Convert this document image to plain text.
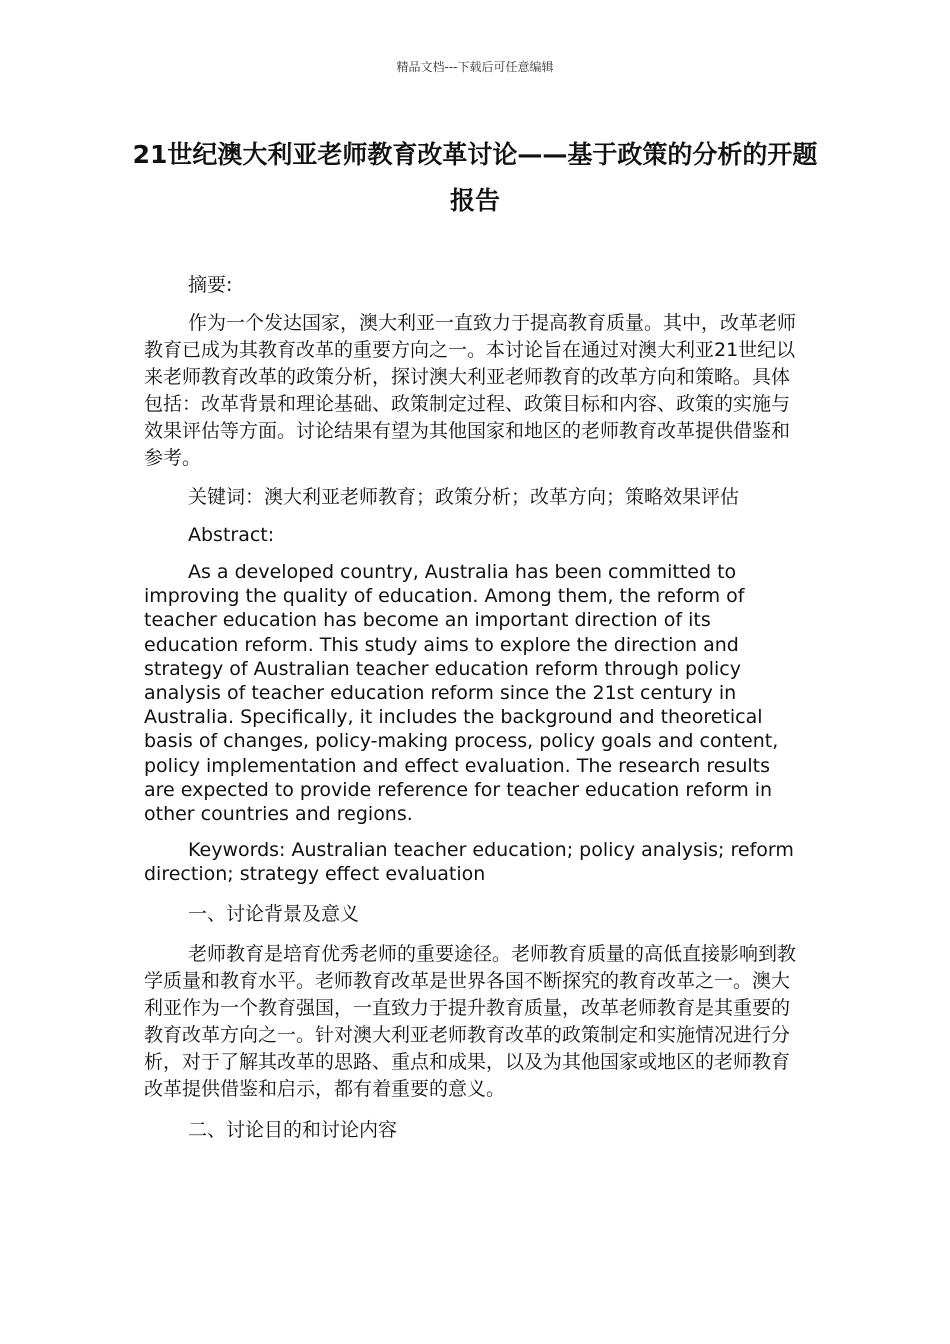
精品文档---下载后可任意编辑
21世纪澳大利亚老师教育改革讨论——基于政策的分析的开题报告

摘要:

作为一个发达国家，澳大利亚一直致力于提高教育质量。其中，改革老师教育已成为其教育改革的重要方向之一。本讨论旨在通过对澳大利亚21世纪以来老师教育改革的政策分析，探讨澳大利亚老师教育的改革方向和策略。具体包括：改革背景和理论基础、政策制定过程、政策目标和内容、政策的实施与效果评估等方面。讨论结果有望为其他国家和地区的老师教育改革提供借鉴和参考。

关键词：澳大利亚老师教育；政策分析；改革方向；策略效果评估

Abstract:

As a developed country, Australia has been committed to improving the quality of education. Among them, the reform of teacher education has become an important direction of its education reform. This study aims to explore the direction and strategy of Australian teacher education reform through policy analysis of teacher education reform since the 21st century in Australia. Specifically, it includes the background and theoretical basis of changes, policy-making process, policy goals and content, policy implementation and effect evaluation. The research results are expected to provide reference for teacher education reform in other countries and regions.

Keywords: Australian teacher education; policy analysis; reform direction; strategy effect evaluation

一、讨论背景及意义

老师教育是培育优秀老师的重要途径。老师教育质量的高低直接影响到教学质量和教育水平。老师教育改革是世界各国不断探究的教育改革之一。澳大利亚作为一个教育强国，一直致力于提升教育质量，改革老师教育是其重要的教育改革方向之一。针对澳大利亚老师教育改革的政策制定和实施情况进行分析，对于了解其改革的思路、重点和成果，以及为其他国家或地区的老师教育改革提供借鉴和启示，都有着重要的意义。

二、讨论目的和讨论内容
